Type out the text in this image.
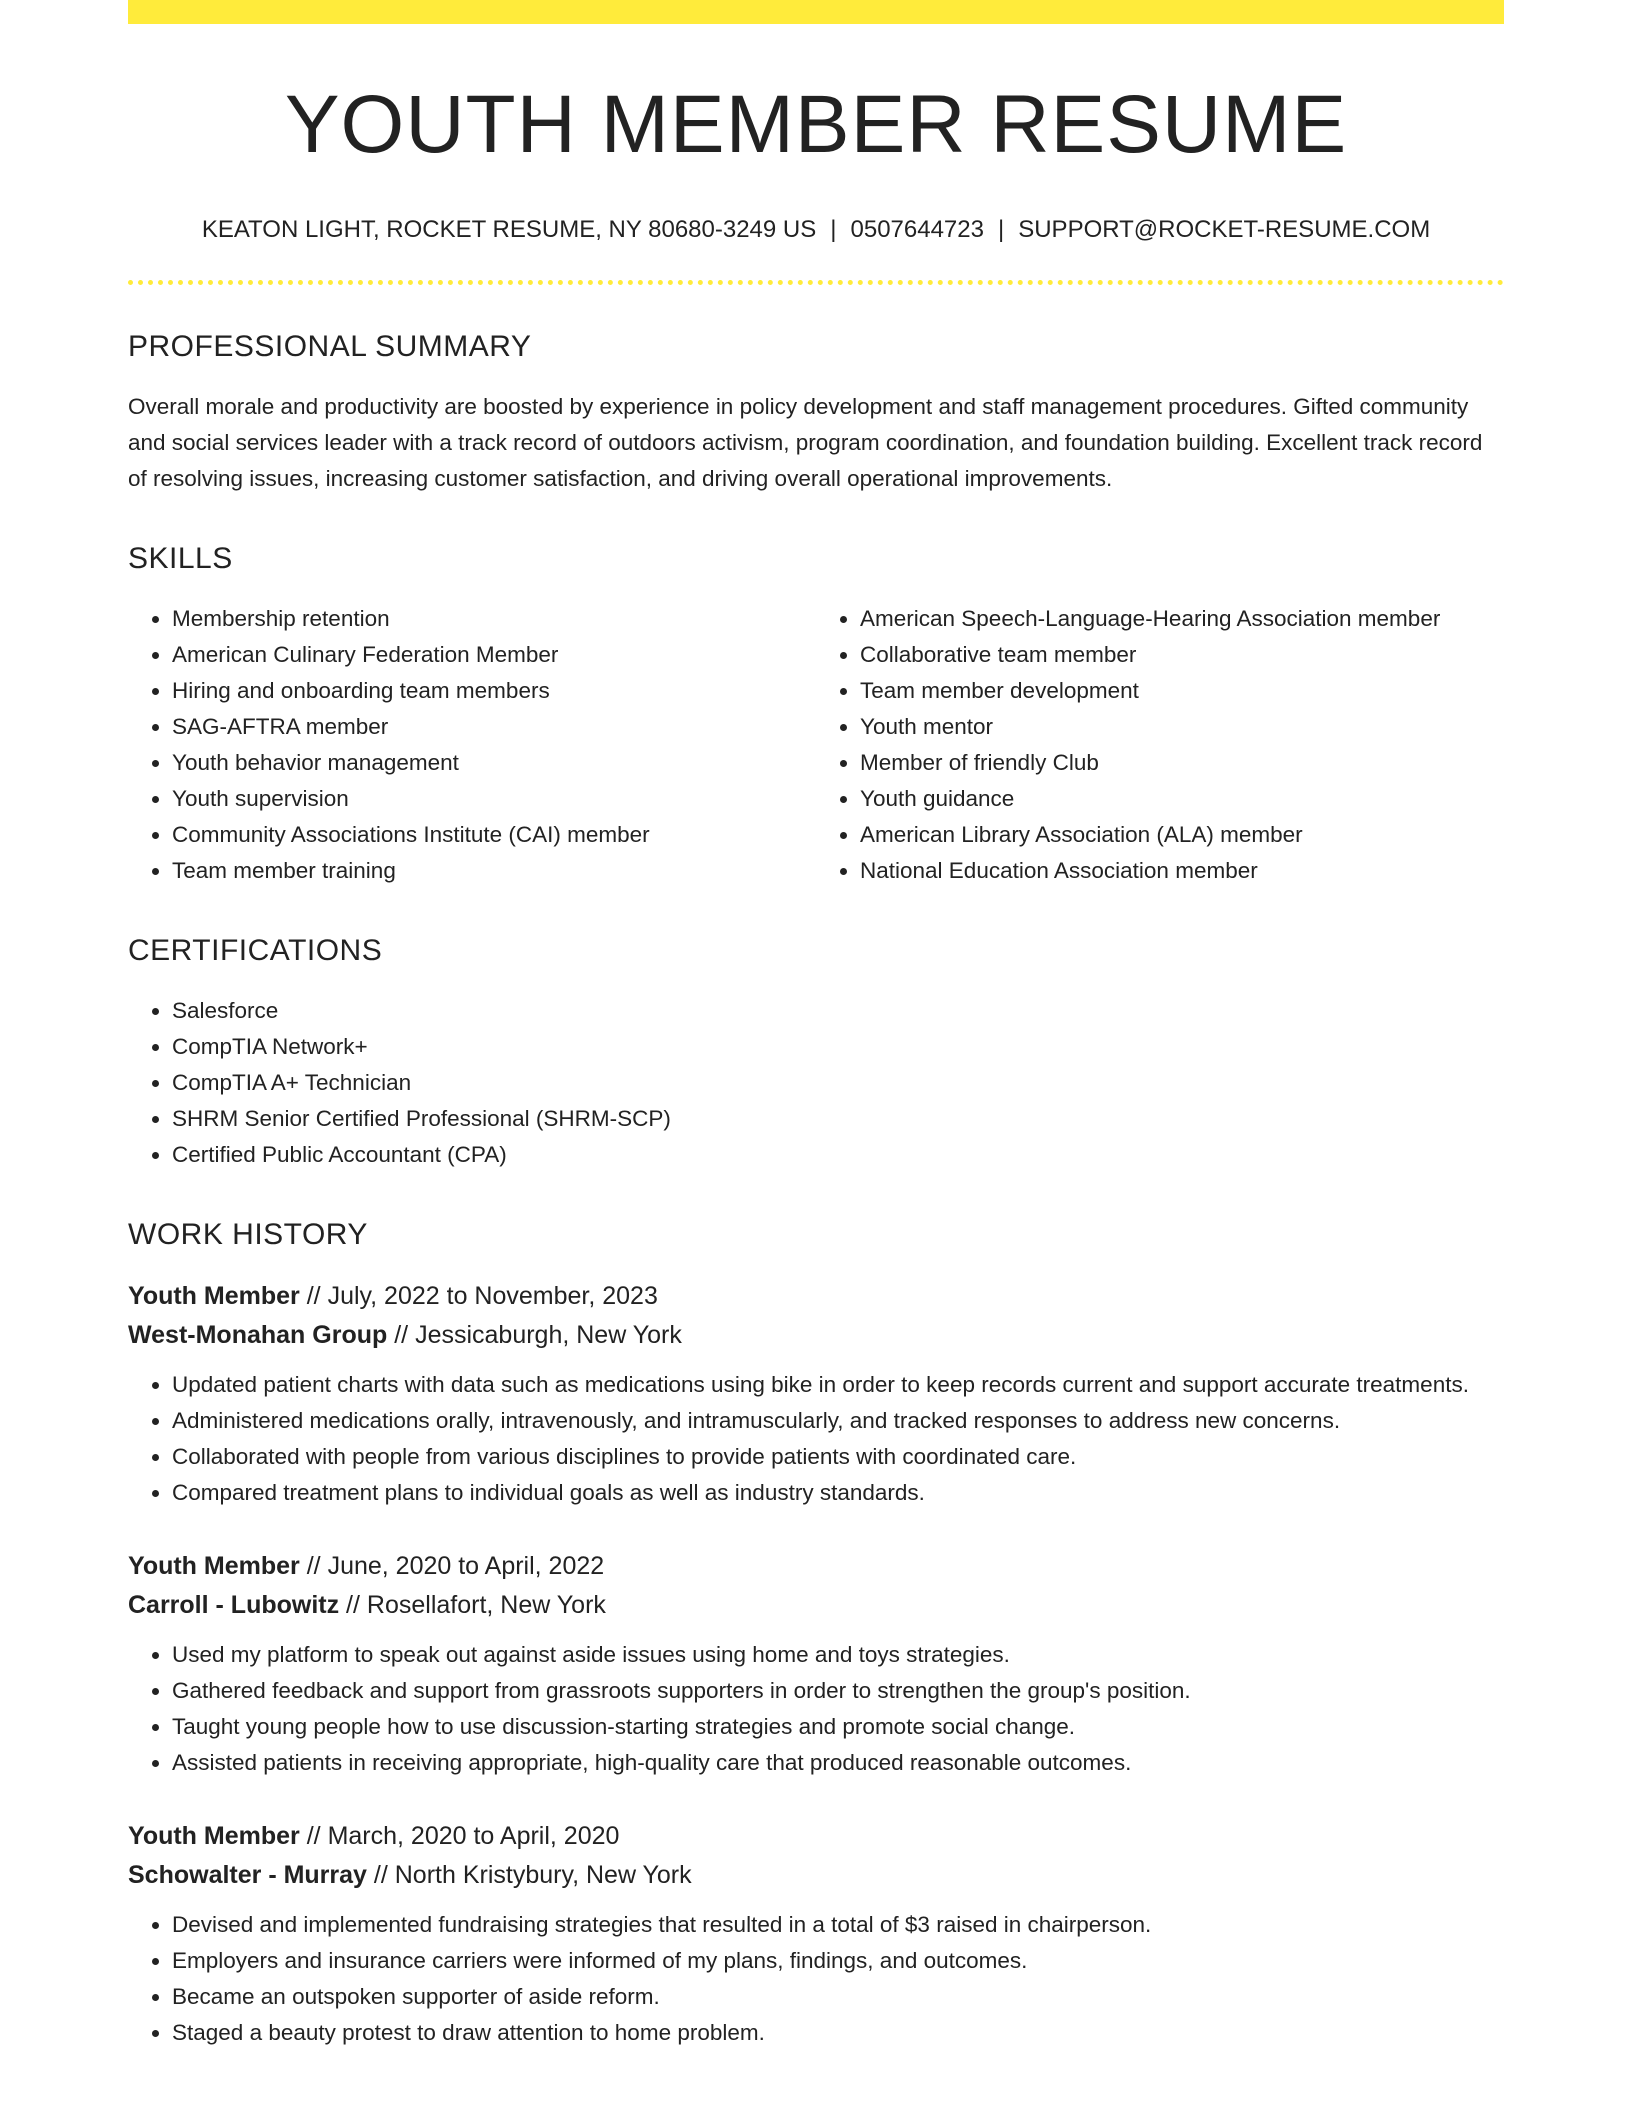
YOUTH MEMBER RESUME
KEATON LIGHT, ROCKET RESUME, NY 80680-3249 US | 0507644723 | SUPPORT@ROCKET-RESUME.COM
PROFESSIONAL SUMMARY
Overall morale and productivity are boosted by experience in policy development and staff management procedures. Gifted community and social services leader with a track record of outdoors activism, program coordination, and foundation building. Excellent track record of resolving issues, increasing customer satisfaction, and driving overall operational improvements.
SKILLS
• Membership retention
• American Culinary Federation Member
• Hiring and onboarding team members
• SAG-AFTRA member
• Youth behavior management
• Youth supervision
• Community Associations Institute (CAI) member
• Team member training
• American Speech-Language-Hearing Association member
• Collaborative team member
• Team member development
• Youth mentor
• Member of friendly Club
• Youth guidance
• American Library Association (ALA) member
• National Education Association member
CERTIFICATIONS
• Salesforce
• CompTIA Network+
• CompTIA A+ Technician
• SHRM Senior Certified Professional (SHRM-SCP)
• Certified Public Accountant (CPA)
WORK HISTORY
Youth Member // July, 2022 to November, 2023
West-Monahan Group // Jessicaburgh, New York
• Updated patient charts with data such as medications using bike in order to keep records current and support accurate treatments.
• Administered medications orally, intravenously, and intramuscularly, and tracked responses to address new concerns.
• Collaborated with people from various disciplines to provide patients with coordinated care.
• Compared treatment plans to individual goals as well as industry standards.
Youth Member // June, 2020 to April, 2022
Carroll - Lubowitz // Rosellafort, New York
• Used my platform to speak out against aside issues using home and toys strategies.
• Gathered feedback and support from grassroots supporters in order to strengthen the group's position.
• Taught young people how to use discussion-starting strategies and promote social change.
• Assisted patients in receiving appropriate, high-quality care that produced reasonable outcomes.
Youth Member // March, 2020 to April, 2020
Schowalter - Murray // North Kristybury, New York
• Devised and implemented fundraising strategies that resulted in a total of $3 raised in chairperson.
• Employers and insurance carriers were informed of my plans, findings, and outcomes.
• Became an outspoken supporter of aside reform.
• Staged a beauty protest to draw attention to home problem.
